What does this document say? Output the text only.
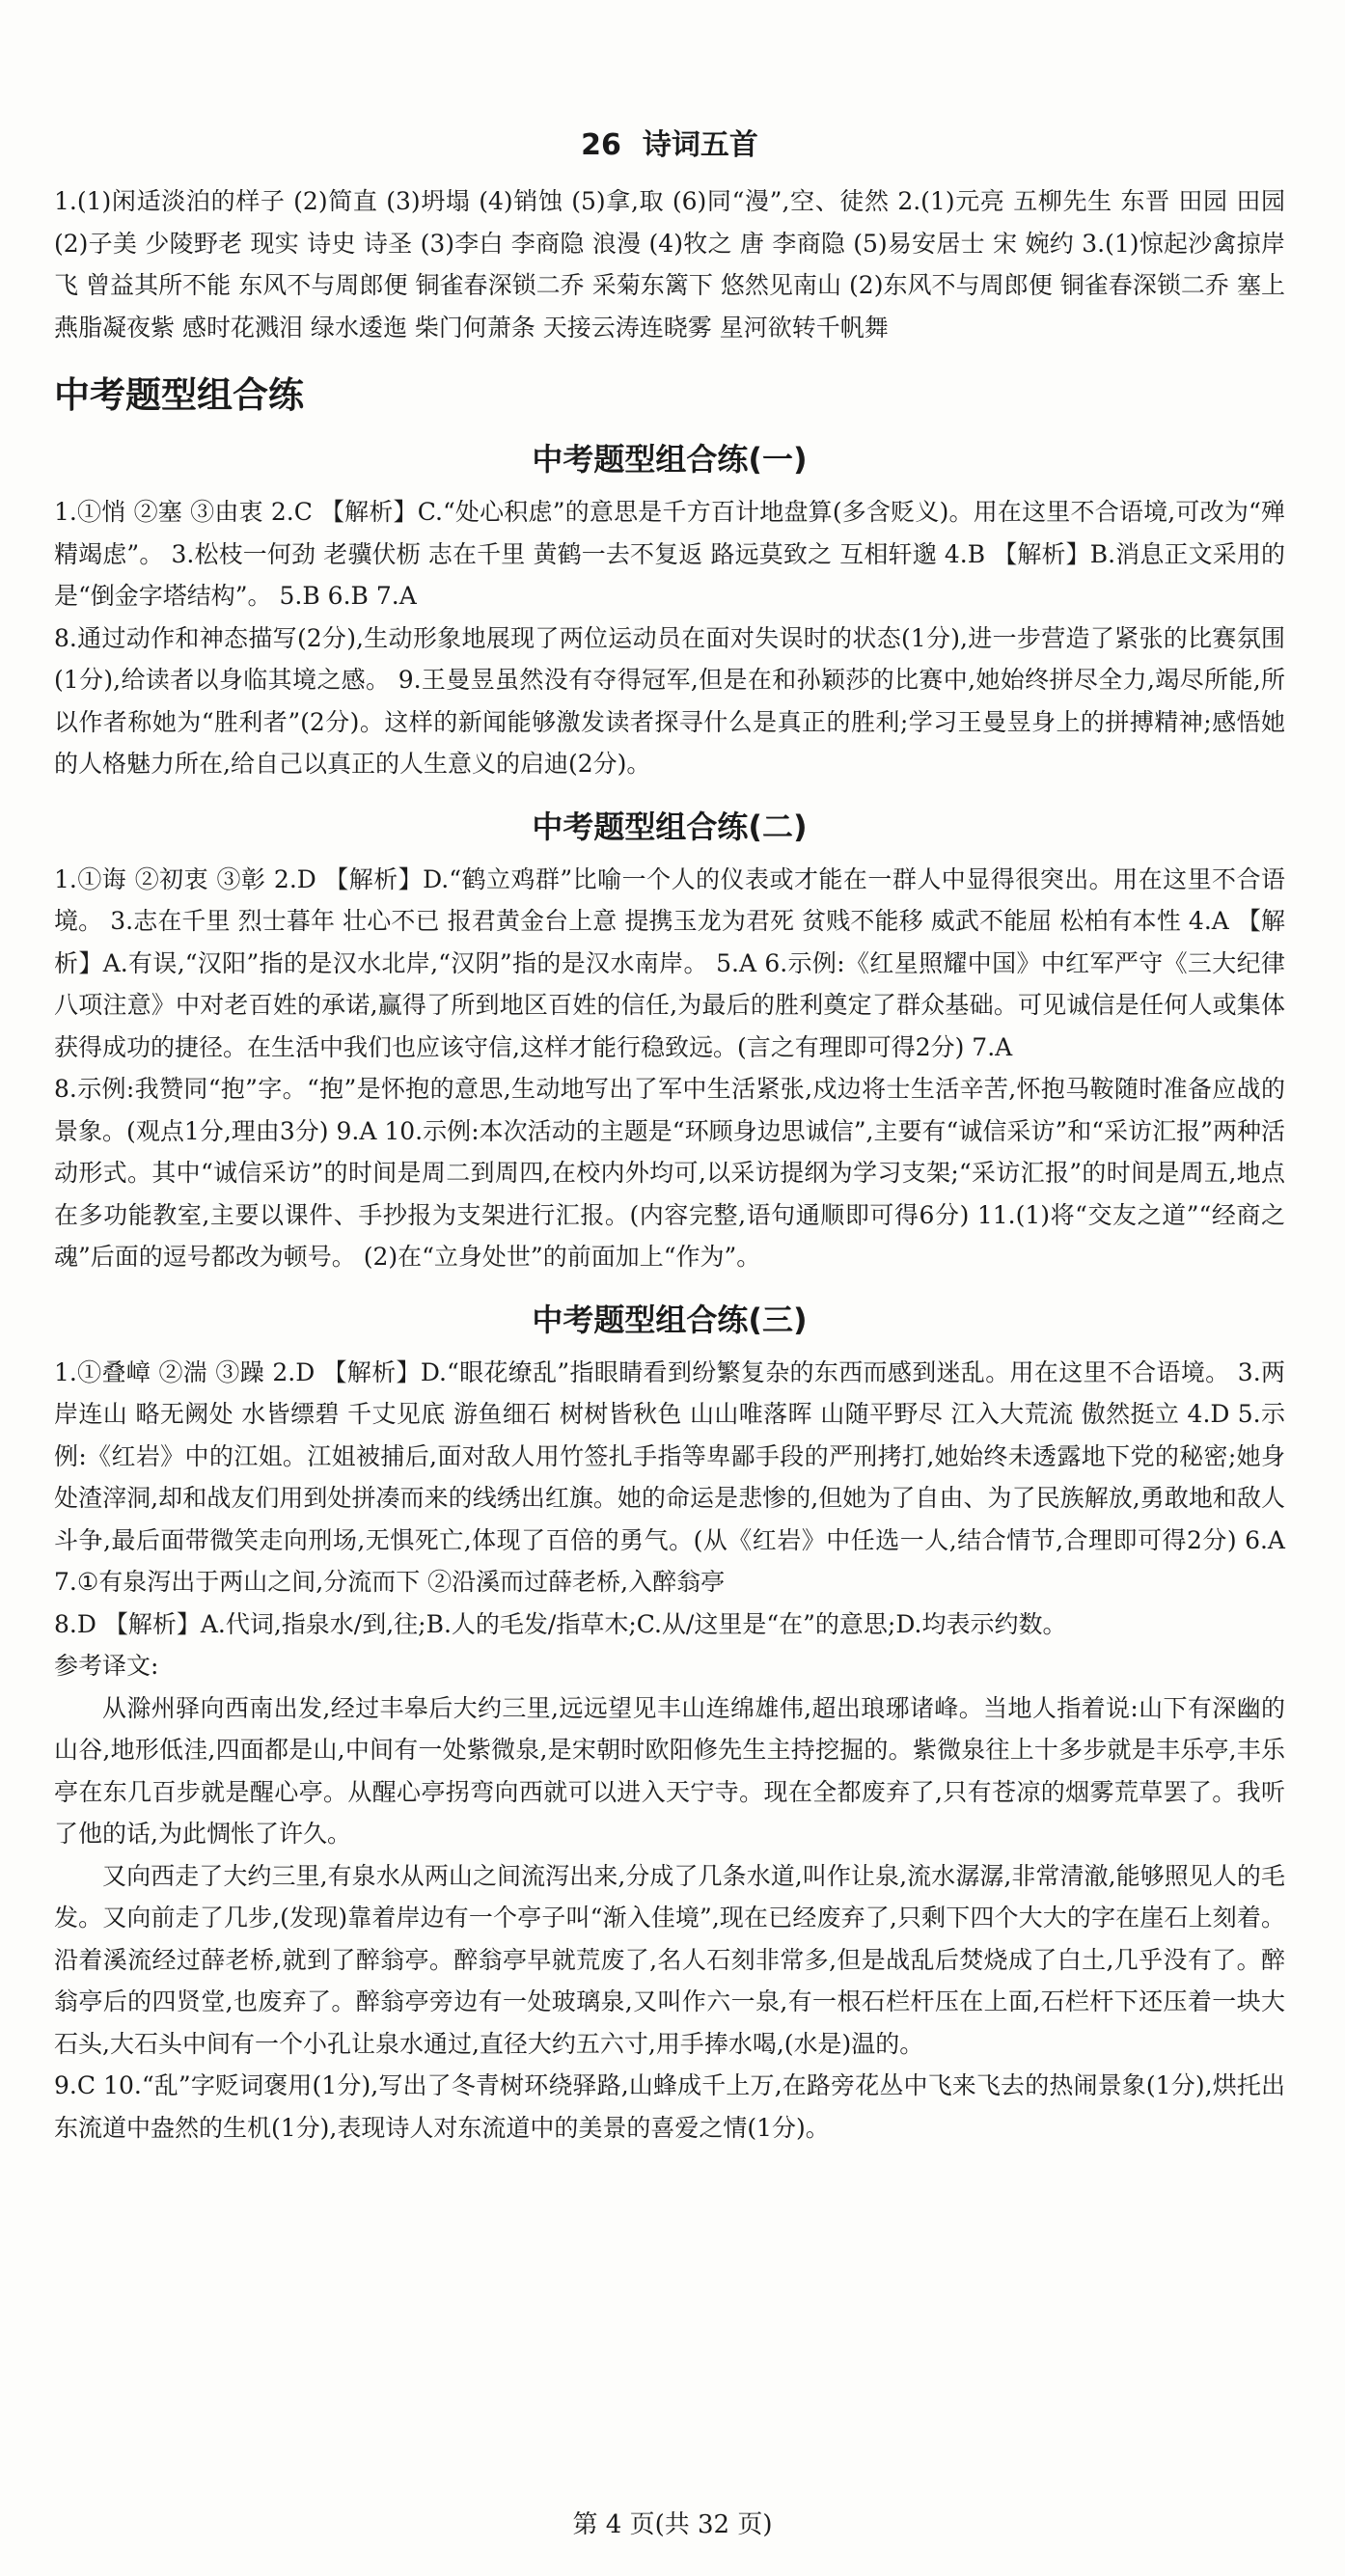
26 诗词五首

1.(1)闲适淡泊的样子 (2)简直 (3)坍塌 (4)销蚀 (5)拿,取 (6)同“漫”,空、徒然 2.(1)元亮 五柳先生 东晋 田园 田园 (2)子美 少陵野老 现实 诗史 诗圣 (3)李白 李商隐 浪漫 (4)牧之 唐 李商隐 (5)易安居士 宋 婉约 3.(1)惊起沙禽掠岸飞 曾益其所不能 东风不与周郎便 铜雀春深锁二乔 采菊东篱下 悠然见南山 (2)东风不与周郎便 铜雀春深锁二乔 塞上燕脂凝夜紫 感时花溅泪 绿水逶迤 柴门何萧条 天接云涛连晓雾 星河欲转千帆舞

中考题型组合练
中考题型组合练(一)

1.①悄 ②塞 ③由衷 2.C 【解析】C.“处心积虑”的意思是千方百计地盘算(多含贬义)。用在这里不合语境,可改为“殚精竭虑”。 3.松枝一何劲 老骥伏枥 志在千里 黄鹤一去不复返 路远莫致之 互相轩邈 4.B 【解析】B.消息正文采用的是“倒金字塔结构”。 5.B 6.B 7.A

8.通过动作和神态描写(2分),生动形象地展现了两位运动员在面对失误时的状态(1分),进一步营造了紧张的比赛氛围(1分),给读者以身临其境之感。 9.王曼昱虽然没有夺得冠军,但是在和孙颖莎的比赛中,她始终拼尽全力,竭尽所能,所以作者称她为“胜利者”(2分)。这样的新闻能够激发读者探寻什么是真正的胜利;学习王曼昱身上的拼搏精神;感悟她的人格魅力所在,给自己以真正的人生意义的启迪(2分)。

中考题型组合练(二)

1.①诲 ②初衷 ③彰 2.D 【解析】D.“鹤立鸡群”比喻一个人的仪表或才能在一群人中显得很突出。用在这里不合语境。 3.志在千里 烈士暮年 壮心不已 报君黄金台上意 提携玉龙为君死 贫贱不能移 威武不能屈 松柏有本性 4.A 【解析】A.有误,“汉阳”指的是汉水北岸,“汉阴”指的是汉水南岸。 5.A 6.示例:《红星照耀中国》中红军严守《三大纪律八项注意》中对老百姓的承诺,赢得了所到地区百姓的信任,为最后的胜利奠定了群众基础。可见诚信是任何人或集体获得成功的捷径。在生活中我们也应该守信,这样才能行稳致远。(言之有理即可得2分) 7.A

8.示例:我赞同“抱”字。“抱”是怀抱的意思,生动地写出了军中生活紧张,戍边将士生活辛苦,怀抱马鞍随时准备应战的景象。(观点1分,理由3分) 9.A 10.示例:本次活动的主题是“环顾身边思诚信”,主要有“诚信采访”和“采访汇报”两种活动形式。其中“诚信采访”的时间是周二到周四,在校内外均可,以采访提纲为学习支架;“采访汇报”的时间是周五,地点在多功能教室,主要以课件、手抄报为支架进行汇报。(内容完整,语句通顺即可得6分) 11.(1)将“交友之道”“经商之魂”后面的逗号都改为顿号。 (2)在“立身处世”的前面加上“作为”。

中考题型组合练(三)

1.①叠嶂 ②湍 ③躁 2.D 【解析】D.“眼花缭乱”指眼睛看到纷繁复杂的东西而感到迷乱。用在这里不合语境。 3.两岸连山 略无阙处 水皆缥碧 千丈见底 游鱼细石 树树皆秋色 山山唯落晖 山随平野尽 江入大荒流 傲然挺立 4.D 5.示例:《红岩》中的江姐。江姐被捕后,面对敌人用竹签扎手指等卑鄙手段的严刑拷打,她始终未透露地下党的秘密;她身处渣滓洞,却和战友们用到处拼凑而来的线绣出红旗。她的命运是悲惨的,但她为了自由、为了民族解放,勇敢地和敌人斗争,最后面带微笑走向刑场,无惧死亡,体现了百倍的勇气。(从《红岩》中任选一人,结合情节,合理即可得2分) 6.A 7.①有泉泻出于两山之间,分流而下 ②沿溪而过薛老桥,入醉翁亭

8.D 【解析】A.代词,指泉水/到,往;B.人的毛发/指草木;C.从/这里是“在”的意思;D.均表示约数。

参考译文:

从滁州驿向西南出发,经过丰皋后大约三里,远远望见丰山连绵雄伟,超出琅琊诸峰。当地人指着说:山下有深幽的山谷,地形低洼,四面都是山,中间有一处紫微泉,是宋朝时欧阳修先生主持挖掘的。紫微泉往上十多步就是丰乐亭,丰乐亭在东几百步就是醒心亭。从醒心亭拐弯向西就可以进入天宁寺。现在全都废弃了,只有苍凉的烟雾荒草罢了。我听了他的话,为此惆怅了许久。

又向西走了大约三里,有泉水从两山之间流泻出来,分成了几条水道,叫作让泉,流水潺潺,非常清澈,能够照见人的毛发。又向前走了几步,(发现)靠着岸边有一个亭子叫“渐入佳境”,现在已经废弃了,只剩下四个大大的字在崖石上刻着。沿着溪流经过薛老桥,就到了醉翁亭。醉翁亭早就荒废了,名人石刻非常多,但是战乱后焚烧成了白土,几乎没有了。醉翁亭后的四贤堂,也废弃了。醉翁亭旁边有一处玻璃泉,又叫作六一泉,有一根石栏杆压在上面,石栏杆下还压着一块大石头,大石头中间有一个小孔让泉水通过,直径大约五六寸,用手捧水喝,(水是)温的。

9.C 10.“乱”字贬词褒用(1分),写出了冬青树环绕驿路,山蜂成千上万,在路旁花丛中飞来飞去的热闹景象(1分),烘托出东流道中盎然的生机(1分),表现诗人对东流道中的美景的喜爱之情(1分)。

第 4 页(共 32 页)
